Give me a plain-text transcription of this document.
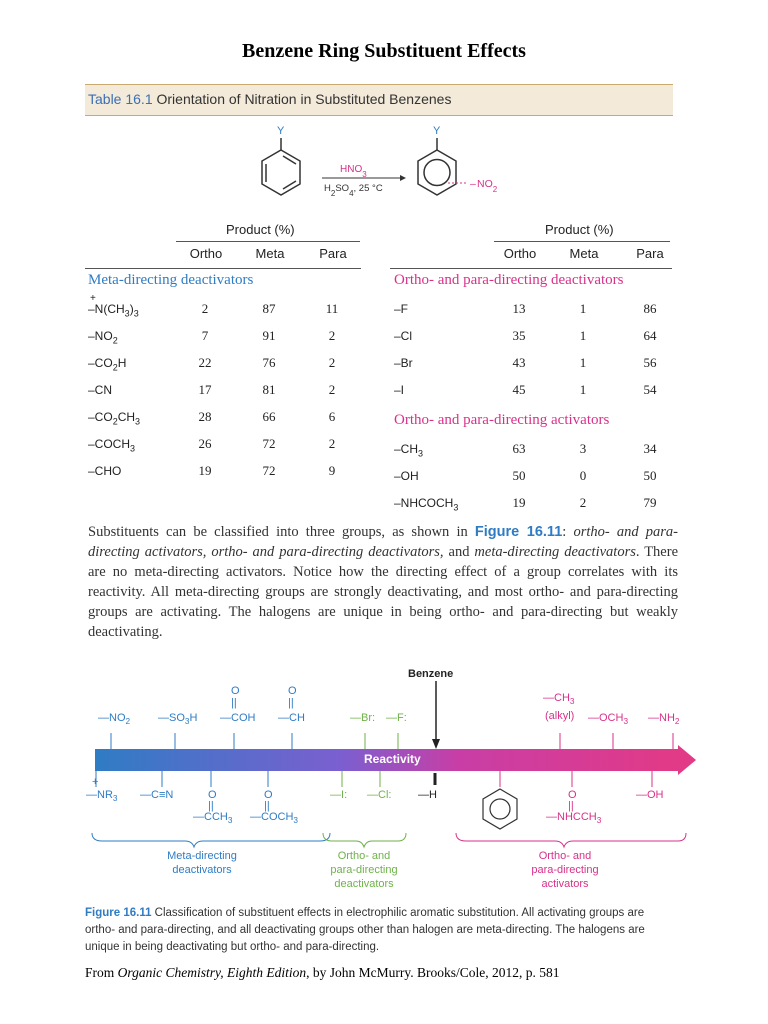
Benzene Ring Substituent Effects
Table 16.1 Orientation of Nitration in Substituted Benzenes
Y
$HNO_3$
$H_2SO_4$, 25 °C
Y
– $NO_2$
Product (%)
Ortho	Meta	Para
Product (%)
Ortho	Meta	Para
Meta-directing deactivators
+
$-N(CH_3)_3$	2	87	11
$-NO_2$	7	91	2
$-CO_2H$	22	76	2
–CN	17	81	2
$-CO_2CH_3$	28	66	6
$-COCH_3$	26	72	2
–CHO	19	72	9
Ortho- and para-directing deactivators
–F	13	1	86
–Cl	35	1	64
–Br	43	1	56
–I	45	1	54
Ortho- and para-directing activators
$-CH_3$	63	3	34
–OH	50	0	50
$-NHCOCH_3$	19	2	79
Substituents can be classified into three groups, as shown in Figure 16.11: ortho- and para-directing activators, ortho- and para-directing deactivators, and meta-directing deactivators. There are no meta-directing activators. Notice how the directing effect of a group correlates with its reactivity. All meta-directing groups are strongly deactivating, and most ortho- and para-directing groups are activating. The halogens are unique in being ortho- and para-directing but weakly deactivating.
Benzene
Reactivity
O
||
O
||
$—NO_2$	$—SO_3H$ —COH —CH	—Br: —F:
$—CH_3$
(alkyl) $—OCH_3$ $—NH_2$
+
$—NR_3$ —C≡N	O
||
$—CCH_3$
O
||
$—COCH_3$
—I: —Cl: —H	O
||
$—NHCCH_3$
—OH
Meta-directing
deactivators
Ortho- and
para-directing
deactivators
Ortho- and
para-directing
activators
Figure 16.11 Classification of substituent effects in electrophilic aromatic substitution. All activating groups are ortho- and para-directing, and all deactivating groups other than halogen are meta-directing. The halogens are unique in being deactivating but ortho- and para-directing.
From Organic Chemistry, Eighth Edition, by John McMurry. Brooks/Cole, 2012, p. 581
